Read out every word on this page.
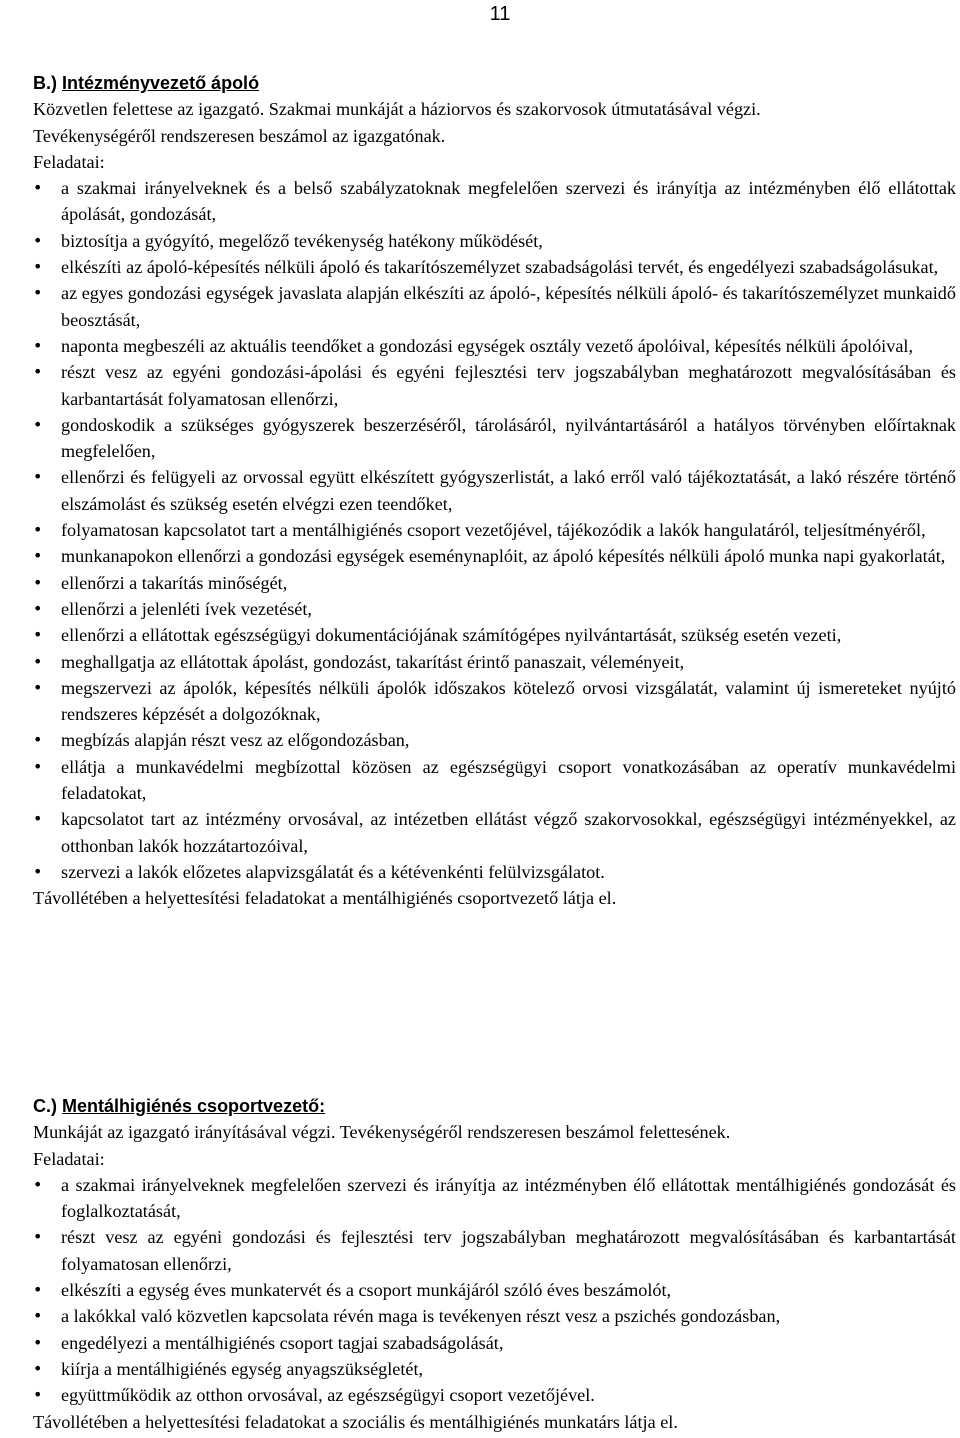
11
B.) Intézményvezető ápoló

Közvetlen felettese az igazgató. Szakmai munkáját a háziorvos és szakorvosok útmutatásával végzi.

Tevékenységéről rendszeresen beszámol az igazgatónak.

Feladatai:

• a szakmai irányelveknek és a belső szabályzatoknak megfelelően szervezi és irányítja az intézményben élő ellátottak ápolását, gondozását,
• biztosítja a gyógyító, megelőző tevékenység hatékony működését,
• elkészíti az ápoló-képesítés nélküli ápoló és takarítószemélyzet szabadságolási tervét, és engedélyezi szabadságolásukat,
• az egyes gondozási egységek javaslata alapján elkészíti az ápoló-, képesítés nélküli ápoló- és takarítószemélyzet munkaidő beosztását,
• naponta megbeszéli az aktuális teendőket a gondozási egységek osztály vezető ápolóival, képesítés nélküli ápolóival,
• részt vesz az egyéni gondozási-ápolási és egyéni fejlesztési terv jogszabályban meghatározott megvalósításában és karbantartását folyamatosan ellenőrzi,
• gondoskodik a szükséges gyógyszerek beszerzéséről, tárolásáról, nyilvántartásáról a hatályos törvényben előírtaknak megfelelően,
• ellenőrzi és felügyeli az orvossal együtt elkészített gyógyszerlistát, a lakó erről való tájékoztatását, a lakó részére történő elszámolást és szükség esetén elvégzi ezen teendőket,
• folyamatosan kapcsolatot tart a mentálhigiénés csoport vezetőjével, tájékozódik a lakók hangulatáról, teljesítményéről,
• munkanapokon ellenőrzi a gondozási egységek eseménynaplóit, az ápoló képesítés nélküli ápoló munka napi gyakorlatát,
• ellenőrzi a takarítás minőségét,
• ellenőrzi a jelenléti ívek vezetését,
• ellenőrzi a ellátottak egészségügyi dokumentációjának számítógépes nyilvántartását, szükség esetén vezeti,
• meghallgatja az ellátottak ápolást, gondozást, takarítást érintő panaszait, véleményeit,
• megszervezi az ápolók, képesítés nélküli ápolók időszakos kötelező orvosi vizsgálatát, valamint új ismereteket nyújtó rendszeres képzését a dolgozóknak,
• megbízás alapján részt vesz az előgondozásban,
• ellátja a munkavédelmi megbízottal közösen az egészségügyi csoport vonatkozásában az operatív munkavédelmi feladatokat,
• kapcsolatot tart az intézmény orvosával, az intézetben ellátást végző szakorvosokkal, egészségügyi intézményekkel, az otthonban lakók hozzátartozóival,
• szervezi a lakók előzetes alapvizsgálatát és a kétévenkénti felülvizsgálatot.

Távollétében a helyettesítési feladatokat a mentálhigiénés csoportvezető látja el.

C.) Mentálhigiénés csoportvezető:

Munkáját az igazgató irányításával végzi. Tevékenységéről rendszeresen beszámol felettesének.

Feladatai:

• a szakmai irányelveknek megfelelően szervezi és irányítja az intézményben élő ellátottak mentálhigiénés gondozását és foglalkoztatását,
• részt vesz az egyéni gondozási és fejlesztési terv jogszabályban meghatározott megvalósításában és karbantartását folyamatosan ellenőrzi,
• elkészíti a egység éves munkatervét és a csoport munkájáról szóló éves beszámolót,
• a lakókkal való közvetlen kapcsolata révén maga is tevékenyen részt vesz a pszichés gondozásban,
• engedélyezi a mentálhigiénés csoport tagjai szabadságolását,
• kiírja a mentálhigiénés egység anyagszükségletét,
• együttműködik az otthon orvosával, az egészségügyi csoport vezetőjével.

Távollétében a helyettesítési feladatokat a szociális és mentálhigiénés munkatárs látja el.
